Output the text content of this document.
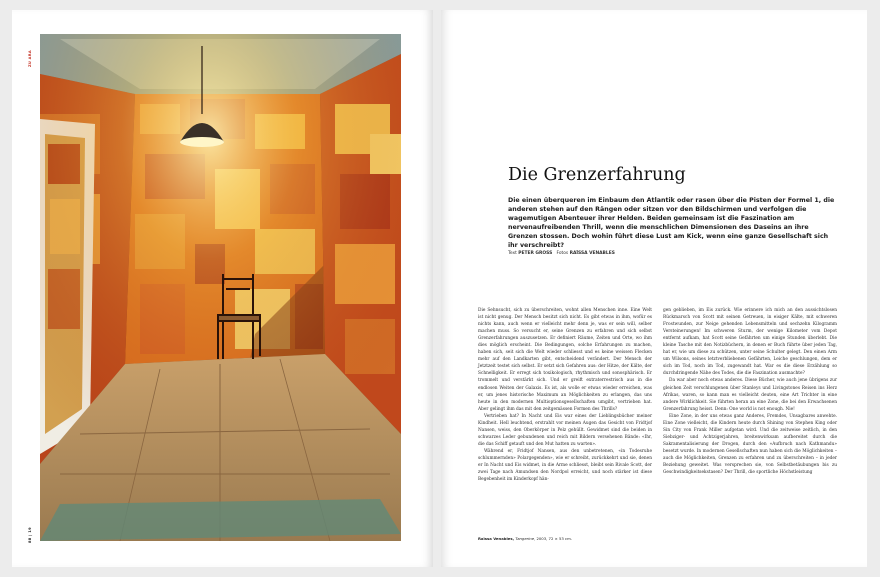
ZU ARA
88 | 19
Die Grenzerfahrung

Die einen überqueren im Einbaum den Atlantik oder rasen über die Pisten der Formel 1, die anderen stehen auf den Rängen oder sitzen vor den Bildschirmen und verfolgen die wagemutigen Abenteuer ihrer Helden. Beiden gemeinsam ist die Faszination am nervenaufreibenden Thrill, wenn die menschlichen Dimensionen des Daseins an ihre Grenzen stossen. Doch wohin führt diese Lust am Kick, wenn eine ganze Gesellschaft sich ihr verschreibt?

Text PETER GROSS Fotos RAÏSSA VENABLES

Die Sehnsucht, sich zu überschreiten, wohnt allen Menschen inne. Eine Welt ist nicht genug. Der Mensch besitzt sich nicht. Es gibt etwas in ihm, wofür es nichts kann, auch wenn er vielleicht mehr denn je, was er sein will, selber machen muss. So versucht er, seine Grenzen zu erfahren und sich selbst Grenzerfahrungen auszusetzen. Er definiert Räume, Zeiten und Orte, wo ihm dies möglich erscheint. Die Bedingungen, solche Erfahrungen zu machen, haben sich, seit sich die Welt wieder schliesst und es keine weissen Flecken mehr auf den Landkarten gibt, entscheidend verändert. Der Mensch der Jetztzeit testet sich selbst. Er setzt sich Gefahren aus: der Hitze, der Kälte, der Schnelligkeit. Er erregt sich toxikologisch, rhythmisch und sonosphärisch. Er trommelt und verstärkt sich. Und er greift extraterrestrisch aus in die endlosen Weiten der Galaxis. Es ist, als wolle er etwas wieder erreichen, was er, um jenes historische Maximum an Möglichkeiten zu erlangen, das uns heute in den modernen Multioptionsgesellschaften umgibt, vertrieben hat. Aber gelingt ihm das mit den zeitgemässen Formen des Thrills?

Vertrieben hat? In Nacht und Eis war eines der Lieblingsbücher meiner Kindheit. Hell leuchtend, erstrahlt vor meinen Augen das Gesicht von Fridtjof Nansen, weiss, den Oberkörper in Pelz gehüllt. Gewidmet sind die beiden in schwarzes Leder gebundenen und reich mit Bildern versehenen Bände: «Ihr, die das Schiff getauft und den Mut hatten zu warten».

Während er, Fridtjof Nansen, aus den unbetretenen, «in Todesruhe schlummernden» Polargegenden», wie er schreibt, zurückkehrt und sie, denen er In Nacht und Eis widmet, in die Arme schliesst, bleibt sein Rivale Scott, der zwei Tage nach Amundsen den Nordpol erreicht, und noch stärker ist diese Begebenheit im Kinderkopf hän-

gen geblieben, im Eis zurück. Wie erinnere ich mich an den aussichtslosen Rückmarsch von Scott mit seinen Getreuen, in eisiger Kälte, mit schweren Frostwunden, zur Neige gehenden Lebensmitteln und sechzehn Kilogramm Versteinerungen! Im schweren Sturm, der wenige Kilometer vom Depot entfernt aufkam, hat Scott seine Gefährten um einige Stunden überlebt. Die kleine Tasche mit den Notizbüchern, in denen er Buch führte über jeden Tag, hat er, wie um diese zu schützen, unter seine Schulter gelegt. Den einen Arm um Wilsons, seines letztverbliebenen Gefährten, Leiche geschlungen, dem er sich im Tod, noch im Tod, zugewandt hat. War es die diese Erzählung so durchdringende Nähe des Todes, die die Faszination ausmachte?

Da war aber noch etwas anderes. Diese Bücher, wie auch jene übrigens zur gleichen Zeit verschlungenen über Stanleys und Livingstones Reisen ins Herz Afrikas, waren, so kann man es vielleicht deuten, eine Art Trichter in eine andere Wirklichkeit. Sie führten heran an eine Zone, die bei den Erwachsenen Grenzerfahrung heisst. Denn: One world is not enough. Nie!

Eine Zone, in der uns etwas ganz Anderes, Fremdes, Unsagbares anwehte. Eine Zone vielleicht, die Kindern heute durch Shining von Stephen King oder Sin City von Frank Miller aufgetan wird. Und die zeitweise zeitlich, in den Siebziger- und Achtzigerjahren, breitenwirksam aufbereitet durch die Sakramentalisierung der Drogen, durch den «Aufbruch nach Kathmandu» besetzt wurde. In modernen Gesellschaften nun haben sich die Möglichkeiten – auch die Möglichkeiten, Grenzen zu erfahren und zu überschreiten – in jeder Beziehung geweitet. Was versprechen sie, von Selbstbetäubungen bis zu Geschwindigkeitsekstasen? Der Thrill, die sportliche Höchstleistung

Raïssa Venables, Tangerine, 2003, 72 × 53 cm.
